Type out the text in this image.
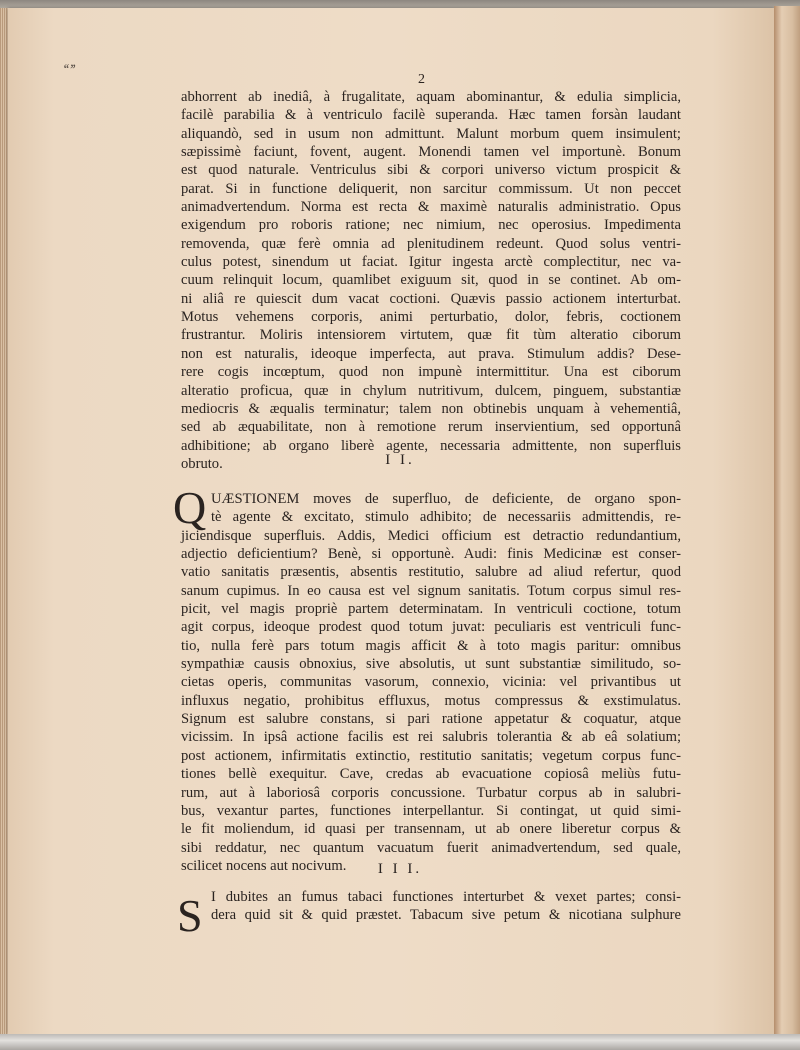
‘‘’’
2
abhorrent ab inediâ, à frugalitate, aquam abominantur, & edulia simplicia,
facilè parabilia & à ventriculo facilè superanda. Hæc tamen forsàn laudant
aliquandò, sed in usum non admittunt. Malunt morbum quem insimulent;
sæpissimè faciunt, fovent, augent. Monendi tamen vel importunè. Bonum
est quod naturale. Ventriculus sibi & corpori universo victum prospicit &
parat. Si in functione deliquerit, non sarcitur commissum. Ut non peccet
animadvertendum. Norma est recta & maximè naturalis administratio. Opus
exigendum pro roboris ratione; nec nimium, nec operosius. Impedimenta
removenda, quæ ferè omnia ad plenitudinem redeunt. Quod solus ventri-
culus potest, sinendum ut faciat. Igitur ingesta arctè complectitur, nec va-
cuum relinquit locum, quamlibet exiguum sit, quod in se continet. Ab om-
ni aliâ re quiescit dum vacat coctioni. Quævis passio actionem interturbat.
Motus vehemens corporis, animi perturbatio, dolor, febris, coctionem
frustrantur. Moliris intensiorem virtutem, quæ fit tùm alteratio ciborum
non est naturalis, ideoque imperfecta, aut prava. Stimulum addis? Dese-
rere cogis incœptum, quod non impunè intermittitur. Una est ciborum
alteratio proficua, quæ in chylum nutritivum, dulcem, pinguem, substantiæ
mediocris & æqualis terminatur; talem non obtinebis unquam à vehementiâ,
sed ab æquabilitate, non à remotione rerum inservientium, sed opportunâ
adhibitione; ab organo liberè agente, necessaria admittente, non superfluis
obruto.	I I.
Q UÆSTIONEM moves de superfluo, de deficiente, de organo spon-
tè agente & excitato, stimulo adhibito; de necessariis admittendis, re-
jiciendisque superfluis. Addis, Medici officium est detractio redundantium,
adjectio deficientium? Benè, si opportunè. Audi: finis Medicinæ est conser-
vatio sanitatis præsentis, absentis restitutio, salubre ad aliud refertur, quod
sanum cupimus. In eo causa est vel signum sanitatis. Totum corpus simul res-
picit, vel magis propriè partem determinatam. In ventriculi coctione, totum
agit corpus, ideoque prodest quod totum juvat: peculiaris est ventriculi func-
tio, nulla ferè pars totum magis afficit & à toto magis paritur: omnibus
sympathiæ causis obnoxius, sive absolutis, ut sunt substantiæ similitudo, so-
cietas operis, communitas vasorum, connexio, vicinia: vel privantibus ut
influxus negatio, prohibitus effluxus, motus compressus & exstimulatus.
Signum est salubre constans, si pari ratione appetatur & coquatur, atque
vicissim. In ipsâ actione facilis est rei salubris tolerantia & ab eâ solatium;
post actionem, infirmitatis extinctio, restitutio sanitatis; vegetum corpus func-
tiones bellè exequitur. Cave, credas ab evacuatione copiosâ meliùs futu-
rum, aut à laboriosâ corporis concussione. Turbatur corpus ab in salubri-
bus, vexantur partes, functiones interpellantur. Si contingat, ut quid simi-
le fit moliendum, id quasi per transennam, ut ab onere liberetur corpus &
sibi reddatur, nec quantum vacuatum fuerit animadvertendum, sed quale,
scilicet nocens aut nocivum.	I I I.
S I dubites an fumus tabaci functiones interturbet & vexet partes; consi-
dera quid sit & quid præstet. Tabacum sive petum & nicotiana sulphure
